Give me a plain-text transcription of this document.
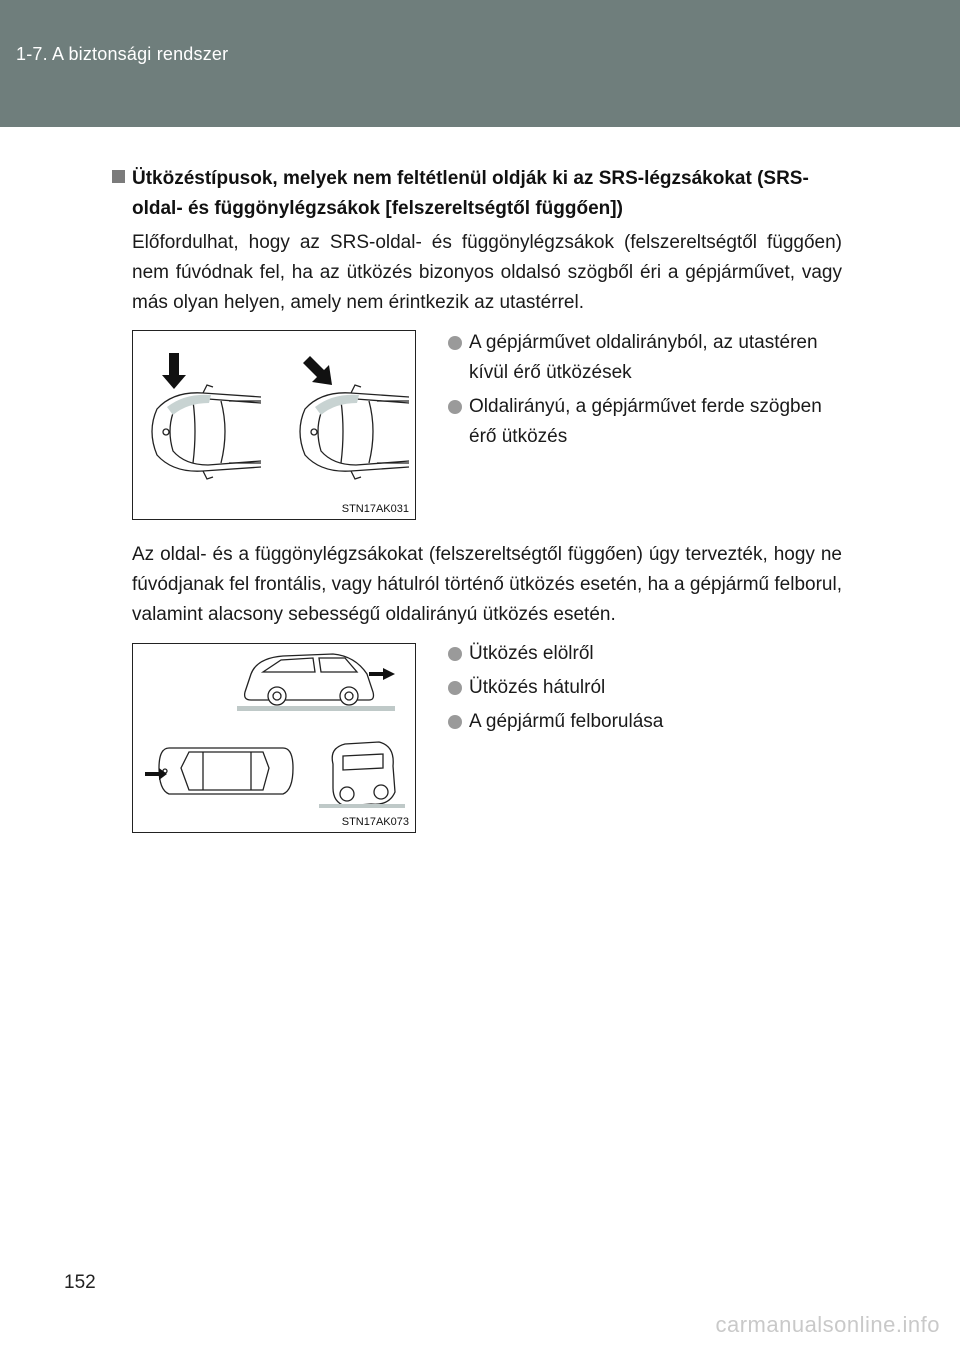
1-7. A biztonsági rendszer
Ütközéstípusok, melyek nem feltétlenül oldják ki az SRS-légzsákokat (SRS-oldal- és függönylégzsákok [felszereltségtől függően])
Előfordulhat, hogy az SRS-oldal- és függönylégzsákok (felszereltségtől függően) nem fúvódnak fel, ha az ütközés bizonyos oldalsó szögből éri a gépjárművet, vagy más olyan helyen, amely nem érintkezik az utastérrel.
STN17AK031
A gépjárművet oldalirányból, az utastéren kívül érő ütközések
Oldalirányú, a gépjárművet ferde szögben érő ütközés
Az oldal- és a függönylégzsákokat (felszereltségtől függően) úgy tervezték, hogy ne fúvódjanak fel frontális, vagy hátulról történő ütközés esetén, ha a gépjármű felborul, valamint alacsony sebességű oldalirányú ütközés esetén.
STN17AK073
Ütközés elölről
Ütközés hátulról
A gépjármű felborulása
152
carmanualsonline.info
